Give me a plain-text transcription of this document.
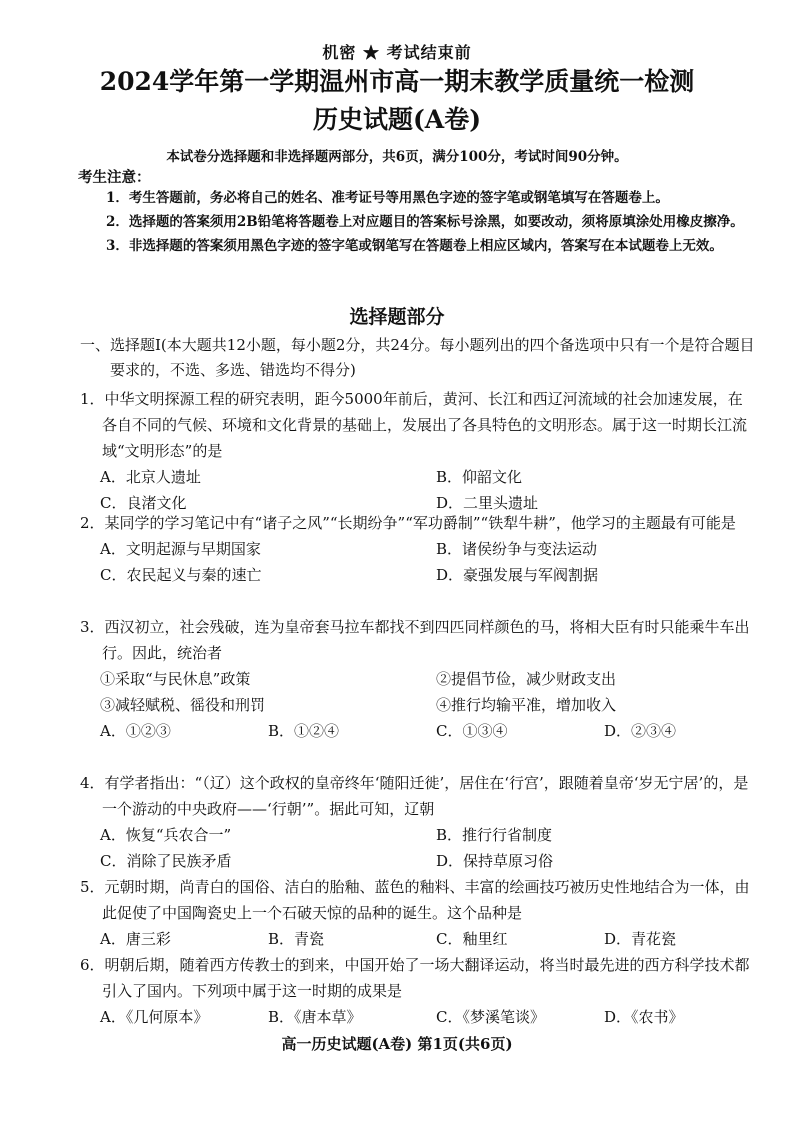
机密 ★ 考试结束前
2024学年第一学期温州市高一期末教学质量统一检测
历史试题(A卷)
本试卷分选择题和非选择题两部分，共6页，满分100分，考试时间90分钟。
考生注意：

1．考生答题前，务必将自己的姓名、准考证号等用黑色字迹的签字笔或钢笔填写在答题卷上。

2．选择题的答案须用2B铅笔将答题卷上对应题目的答案标号涂黑，如要改动，须将原填涂处用橡皮擦净。

3．非选择题的答案须用黑色字迹的签字笔或钢笔写在答题卷上相应区域内，答案写在本试题卷上无效。

选择题部分

一、选择题Ⅰ(本大题共12小题，每小题2分，共24分。每小题列出的四个备选项中只有一个是符合题目要求的，不选、多选、错选均不得分)

1．中华文明探源工程的研究表明，距今5000年前后，黄河、长江和西辽河流域的社会加速发展，在各自不同的气候、环境和文化背景的基础上，发展出了各具特色的文明形态。属于这一时期长江流域“文明形态”的是

A．北京人遗址	B．仰韶文化
C．良渚文化	D．二里头遗址

2．某同学的学习笔记中有“诸子之风”“长期纷争”“军功爵制”“铁犁牛耕”，他学习的主题最有可能是

A．文明起源与早期国家	B．诸侯纷争与变法运动
C．农民起义与秦的速亡	D．豪强发展与军阀割据

3．西汉初立，社会残破，连为皇帝套马拉车都找不到四匹同样颜色的马，将相大臣有时只能乘牛车出行。因此，统治者

①采取“与民休息”政策	②提倡节俭，减少财政支出
③减轻赋税、徭役和刑罚	④推行均输平准，增加收入
A．①②③	B．①②④	C．①③④	D．②③④

4．有学者指出：“（辽）这个政权的皇帝终年‘随阳迁徙’，居住在‘行宫’，跟随着皇帝‘岁无宁居’的，是一个游动的中央政府——‘行朝’”。据此可知，辽朝

A．恢复“兵农合一”	B．推行行省制度
C．消除了民族矛盾	D．保持草原习俗

5．元朝时期，尚青白的国俗、洁白的胎釉、蓝色的釉料、丰富的绘画技巧被历史性地结合为一体，由此促使了中国陶瓷史上一个石破天惊的品种的诞生。这个品种是

A．唐三彩	B．青瓷	C．釉里红	D．青花瓷

6．明朝后期，随着西方传教士的到来，中国开始了一场大翻译运动，将当时最先进的西方科学技术都引入了国内。下列项中属于这一时期的成果是

A．《几何原本》	B．《唐本草》	C．《梦溪笔谈》	D．《农书》
高一历史试题(A卷) 第1页(共6页)
